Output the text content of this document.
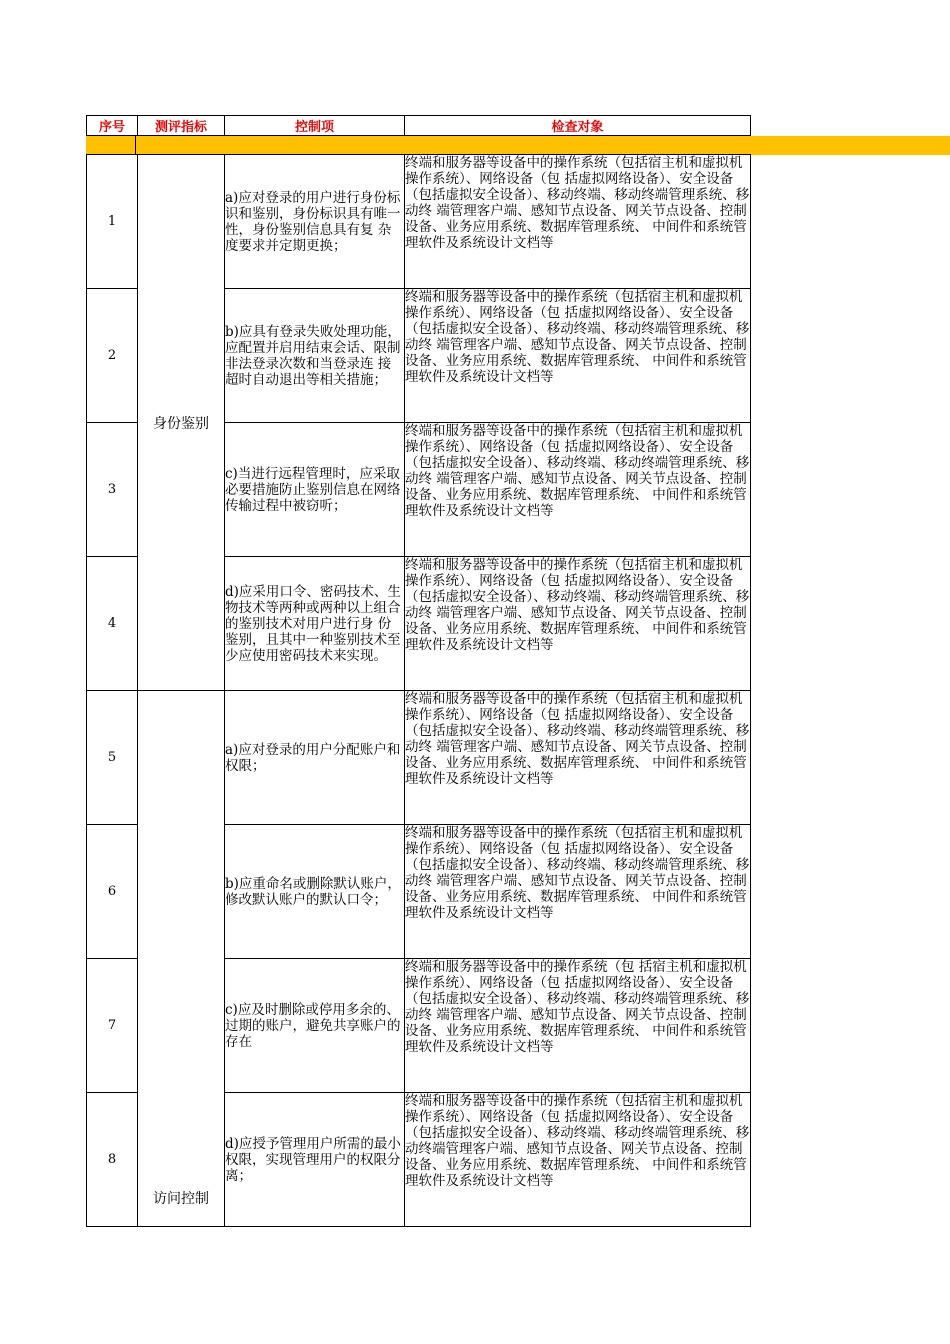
序号	测评指标	控制项	检查对象

1	身份鉴别	a)应对登录的用户进行身份标识和鉴别，身份标识具有唯一性，身份鉴别信息具有复 杂度要求并定期更换；	终端和服务器等设备中的操作系统（包括宿主机和虚拟机操作系统）、网络设备（包 括虚拟网络设备）、安全设备（包括虚拟安全设备）、移动终端、移动终端管理系统、移动终 端管理客户端、感知节点设备、网关节点设备、控制设备、业务应用系统、数据库管理系统、 中间件和系统管理软件及系统设计文档等
2		b)应具有登录失败处理功能，应配置并启用结束会话、限制非法登录次数和当登录连 接超时自动退出等相关措施；	终端和服务器等设备中的操作系统（包括宿主机和虚拟机操作系统）、网络设备（包 括虚拟网络设备）、安全设备（包括虚拟安全设备）、移动终端、移动终端管理系统、移动终 端管理客户端、感知节点设备、网关节点设备、控制设备、业务应用系统、数据库管理系统、 中间件和系统管理软件及系统设计文档等
3		c)当进行远程管理时，应采取必要措施防止鉴别信息在网络传输过程中被窃听；	终端和服务器等设备中的操作系统（包括宿主机和虚拟机操作系统）、网络设备（包 括虚拟网络设备）、安全设备（包括虚拟安全设备）、移动终端、移动终端管理系统、移动终 端管理客户端、感知节点设备、网关节点设备、控制设备、业务应用系统、数据库管理系统、 中间件和系统管理软件及系统设计文档等
4		d)应采用口令、密码技术、生物技术等两种或两种以上组合的鉴别技术对用户进行身 份鉴别，且其中一种鉴别技术至少应使用密码技术来实现。	终端和服务器等设备中的操作系统（包括宿主机和虚拟机操作系统）、网络设备（包 括虚拟网络设备）、安全设备（包括虚拟安全设备）、移动终端、移动终端管理系统、移动终 端管理客户端、感知节点设备、网关节点设备、控制设备、业务应用系统、数据库管理系统、 中间件和系统管理软件及系统设计文档等
5	访问控制	a)应对登录的用户分配账户和权限；	终端和服务器等设备中的操作系统（包括宿主机和虚拟机操作系统）、网络设备（包 括虚拟网络设备）、安全设备（包括虚拟安全设备）、移动终端、移动终端管理系统、移动终 端管理客户端、感知节点设备、网关节点设备、控制设备、业务应用系统、数据库管理系统、 中间件和系统管理软件及系统设计文档等
6		b)应重命名或删除默认账户，修改默认账户的默认口令；	终端和服务器等设备中的操作系统（包括宿主机和虚拟机操作系统）、网络设备（包 括虚拟网络设备）、安全设备（包括虚拟安全设备）、移动终端、移动终端管理系统、移动终 端管理客户端、感知节点设备、网关节点设备、控制设备、业务应用系统、数据库管理系统、 中间件和系统管理软件及系统设计文档等
7		c)应及时删除或停用多余的、过期的账户，避免共享账户的存在	终端和服务器等设备中的操作系统（包 括宿主机和虚拟机操作系统）、网络设备（包 括虚拟网络设备）、安全设备（包括虚拟安全设备）、移动终端、移动终端管理系统、移动终 端管理客户端、感知节点设备、网关节点设备、控制设备、业务应用系统、数据库管理系统、 中间件和系统管理软件及系统设计文档等
8		d)应授予管理用户所需的最小权限，实现管理用户的权限分离；	终端和服务器等设备中的操作系统（包括宿主机和虚拟机操作系统）、网络设备（包 括虚拟网络设备）、安全设备（包括虚拟安全设备）、移动终端、移动终端管理系统、移动终端管理客户端、感知节点设备、网关节点设备、控制设备、业务应用系统、数据库管理系统、 中间件和系统管理软件及系统设计文档等
